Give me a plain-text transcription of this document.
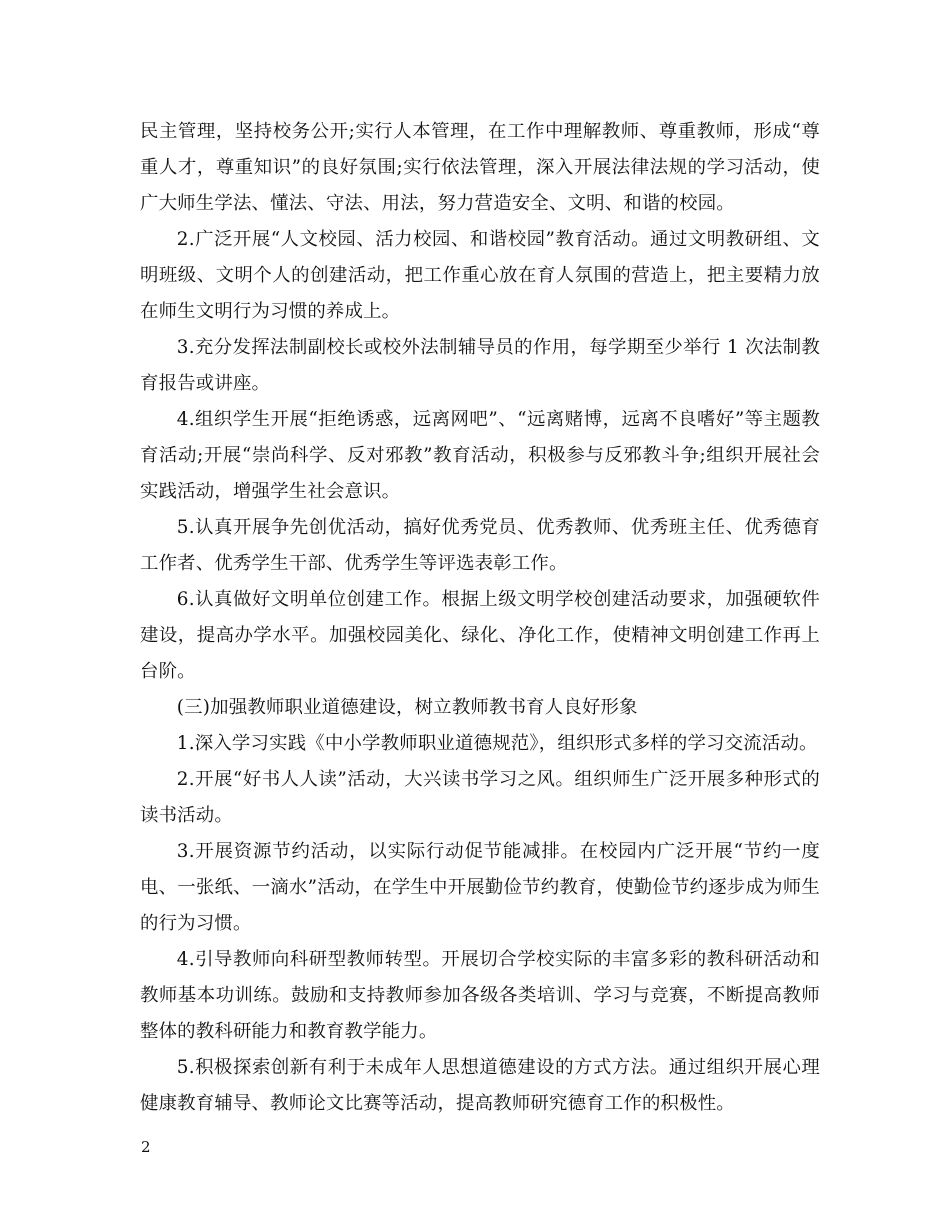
民主管理，坚持校务公开;实行人本管理，在工作中理解教师、尊重教师，形成“尊重人才，尊重知识”的良好氛围;实行依法管理，深入开展法律法规的学习活动，使广大师生学法、懂法、守法、用法，努力营造安全、文明、和谐的校园。

2.广泛开展“人文校园、活力校园、和谐校园”教育活动。通过文明教研组、文明班级、文明个人的创建活动，把工作重心放在育人氛围的营造上，把主要精力放在师生文明行为习惯的养成上。

3.充分发挥法制副校长或校外法制辅导员的作用，每学期至少举行 1 次法制教育报告或讲座。

4.组织学生开展“拒绝诱惑，远离网吧”、“远离赌博，远离不良嗜好”等主题教育活动;开展“崇尚科学、反对邪教”教育活动，积极参与反邪教斗争;组织开展社会实践活动，增强学生社会意识。

5.认真开展争先创优活动，搞好优秀党员、优秀教师、优秀班主任、优秀德育工作者、优秀学生干部、优秀学生等评选表彰工作。

6.认真做好文明单位创建工作。根据上级文明学校创建活动要求，加强硬软件建设，提高办学水平。加强校园美化、绿化、净化工作，使精神文明创建工作再上台阶。

(三)加强教师职业道德建设，树立教师教书育人良好形象

1.深入学习实践《中小学教师职业道德规范》，组织形式多样的学习交流活动。

2.开展“好书人人读”活动，大兴读书学习之风。组织师生广泛开展多种形式的读书活动。

3.开展资源节约活动，以实际行动促节能减排。在校园内广泛开展“节约一度电、一张纸、一滴水”活动，在学生中开展勤俭节约教育，使勤俭节约逐步成为师生的行为习惯。

4.引导教师向科研型教师转型。开展切合学校实际的丰富多彩的教科研活动和教师基本功训练。鼓励和支持教师参加各级各类培训、学习与竞赛，不断提高教师整体的教科研能力和教育教学能力。

5.积极探索创新有利于未成年人思想道德建设的方式方法。通过组织开展心理健康教育辅导、教师论文比赛等活动，提高教师研究德育工作的积极性。

2
